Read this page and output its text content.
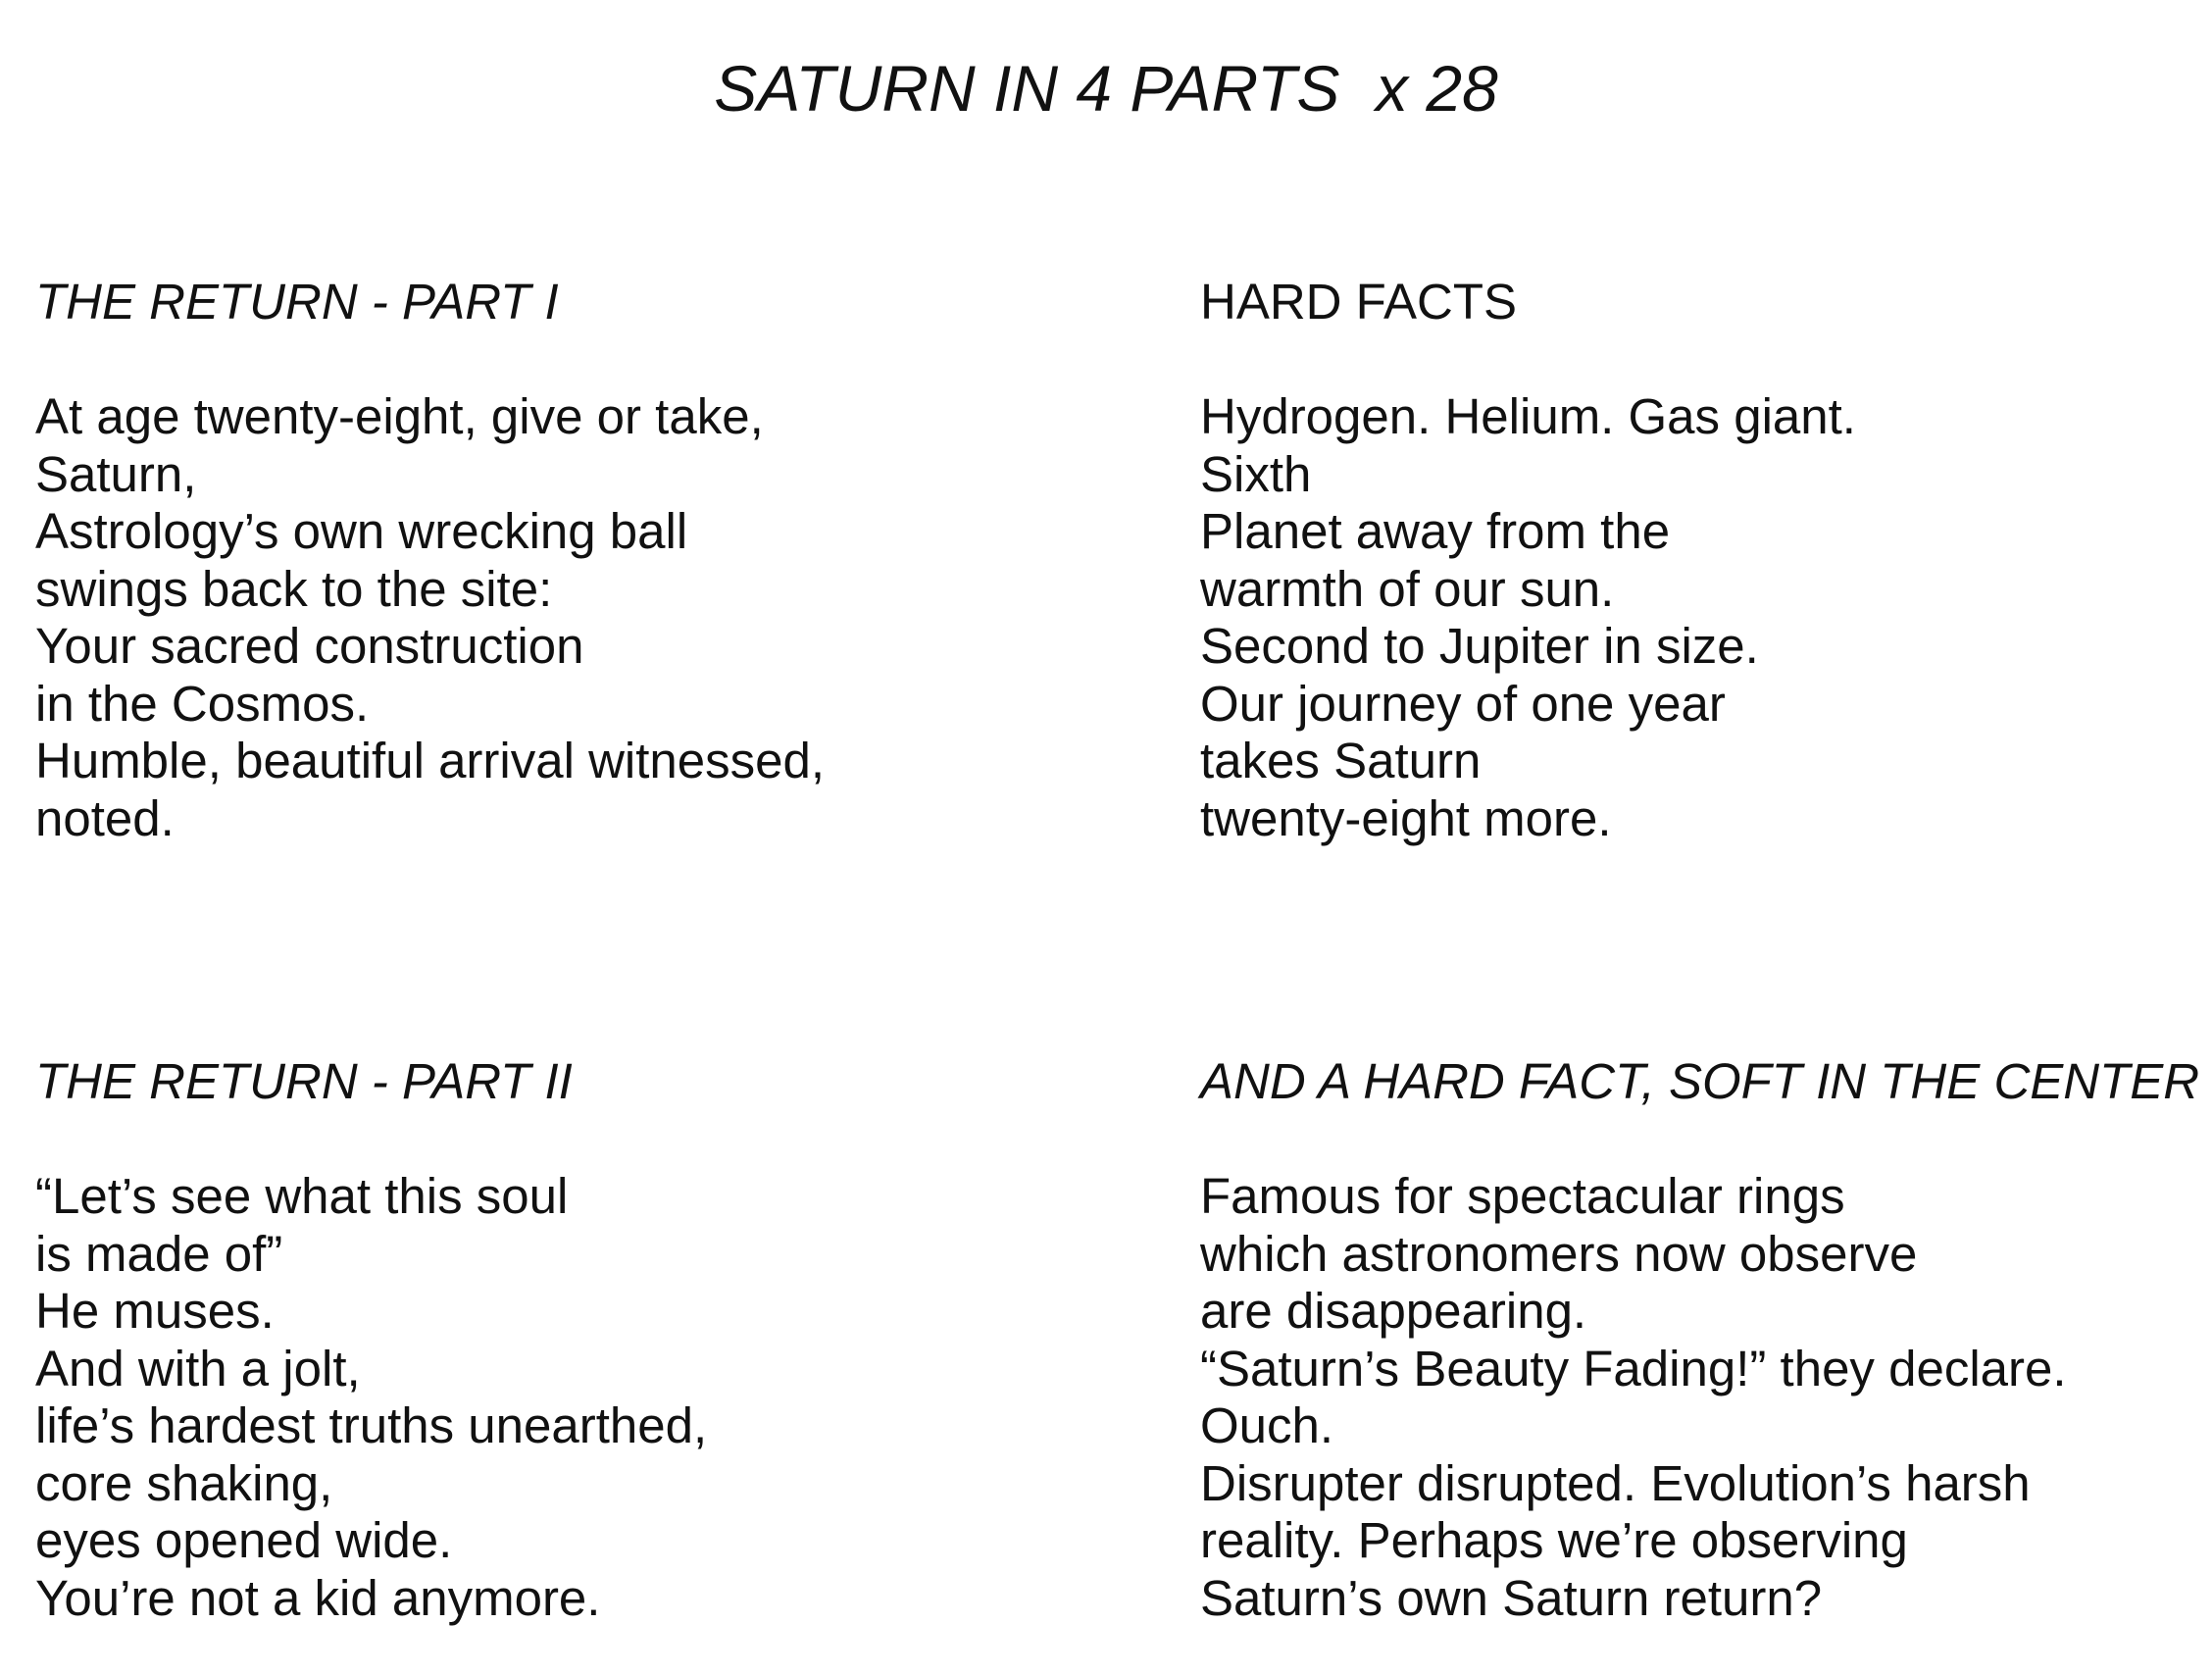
SATURN IN 4 PARTS  x 28
THE RETURN - PART I
At age twenty-eight, give or take,
Saturn,
Astrology’s own wrecking ball
swings back to the site:
Your sacred construction
in the Cosmos.
Humble, beautiful arrival witnessed,
noted.
HARD FACTS
Hydrogen. Helium. Gas giant.
Sixth
Planet away from the
warmth of our sun.
Second to Jupiter in size.
Our journey of one year
takes Saturn
twenty-eight more.
THE RETURN - PART II
“Let’s see what this soul
is made of”
He muses.
And with a jolt,
life’s hardest truths unearthed,
core shaking,
eyes opened wide.
You’re not a kid anymore.
AND A HARD FACT, SOFT IN THE CENTER
Famous for spectacular rings
which astronomers now observe
are disappearing.
“Saturn’s Beauty Fading!” they declare.
Ouch.
Disrupter disrupted. Evolution’s harsh
reality. Perhaps we’re observing
Saturn’s own Saturn return?
